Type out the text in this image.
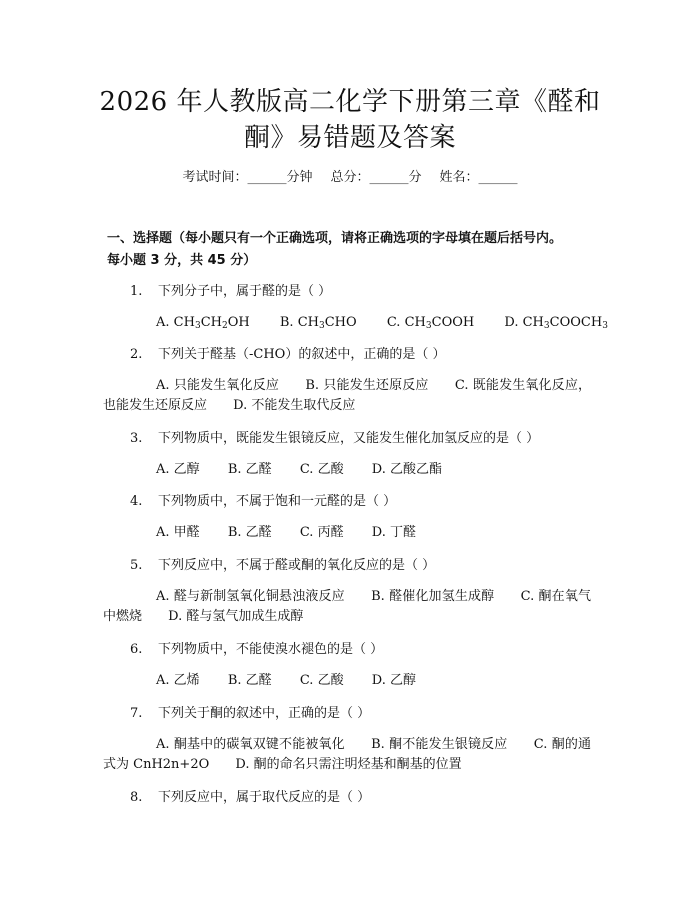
2026 年人教版高二化学下册第三章《醛和
酮》易错题及答案
考试时间：______分钟 总分：______分 姓名：______
一、选择题（每小题只有一个正确选项，请将正确选项的字母填在题后括号内。
每小题 3 分，共 45 分）
1. 下列分子中，属于醛的是（ ）
A. $CH_3CH_2OH$ B. $CH_3CHO$ C. $CH_3COOH$ D. $CH_3COOCH_3$
2. 下列关于醛基（-CHO）的叙述中，正确的是（ ）
A. 只能发生氧化反应 B. 只能发生还原反应 C. 既能发生氧化反应，也能发生还原反应 D. 不能发生取代反应
3. 下列物质中，既能发生银镜反应，又能发生催化加氢反应的是（ ）
A. 乙醇 B. 乙醛 C. 乙酸 D. 乙酸乙酯
4. 下列物质中，不属于饱和一元醛的是（ ）
A. 甲醛 B. 乙醛 C. 丙醛 D. 丁醛
5. 下列反应中，不属于醛或酮的氧化反应的是（ ）
A. 醛与新制氢氧化铜悬浊液反应 B. 醛催化加氢生成醇 C. 酮在氧气中燃烧 D. 醛与氢气加成生成醇
6. 下列物质中，不能使溴水褪色的是（ ）
A. 乙烯 B. 乙醛 C. 乙酸 D. 乙醇
7. 下列关于酮的叙述中，正确的是（ ）
A. 酮基中的碳氧双键不能被氧化 B. 酮不能发生银镜反应 C. 酮的通式为 CnH2n+2O D. 酮的命名只需注明烃基和酮基的位置
8. 下列反应中，属于取代反应的是（ ）
